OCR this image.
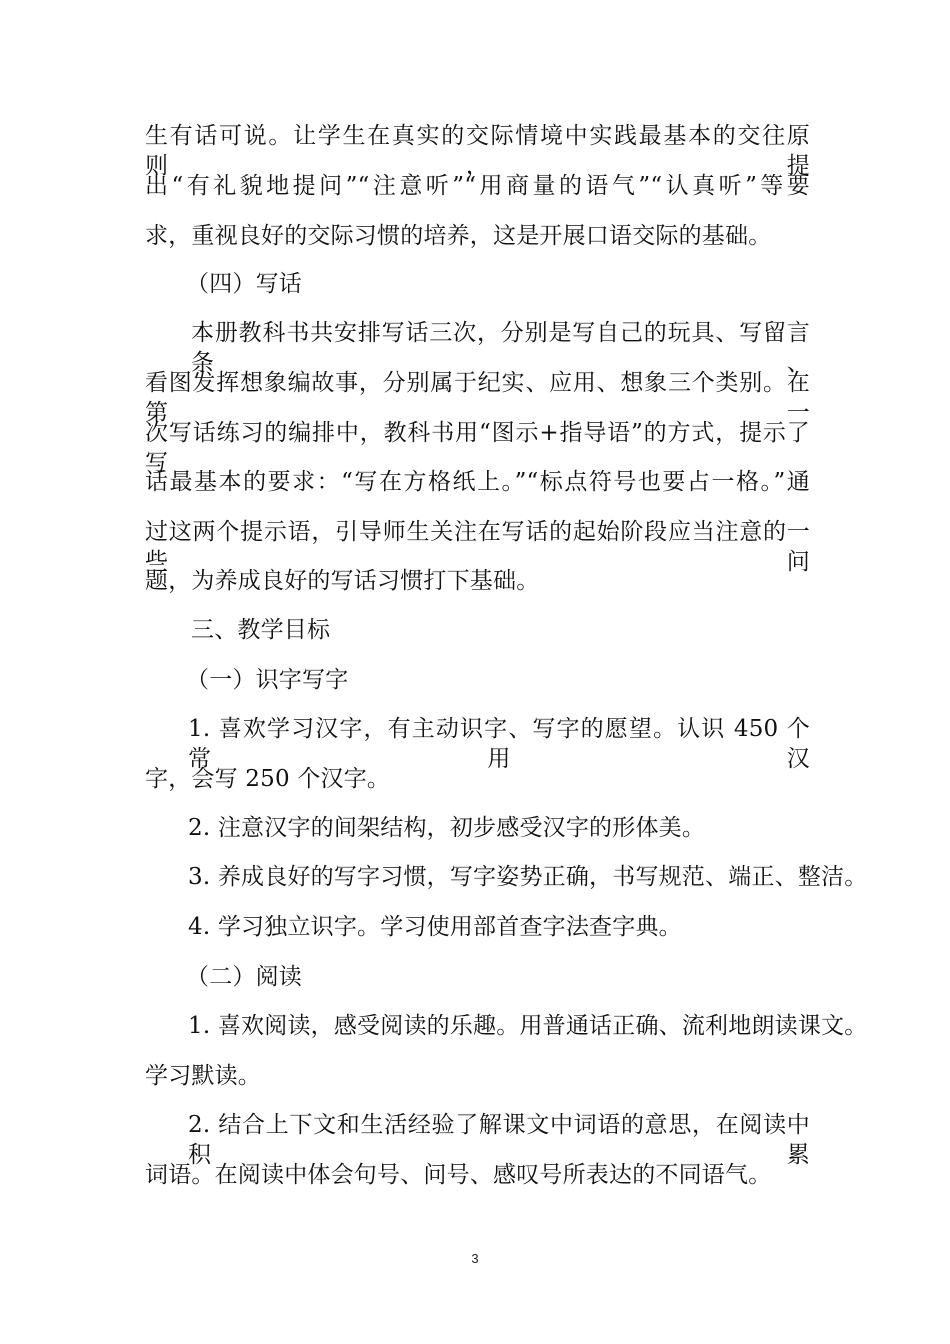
生有话可说。让学生在真实的交际情境中实践最基本的交往原则，提
出“有礼貌地提问”“注意听”“用商量的语气”“认真听”等要
求，重视良好的交际习惯的培养，这是开展口语交际的基础。
（四）写话
本册教科书共安排写话三次，分别是写自己的玩具、写留言条、
看图发挥想象编故事，分别属于纪实、应用、想象三个类别。在第一
次写话练习的编排中，教科书用“图示+指导语”的方式，提示了写
话最基本的要求：“写在方格纸上。”“标点符号也要占一格。”通
过这两个提示语，引导师生关注在写话的起始阶段应当注意的一些问
题，为养成良好的写话习惯打下基础。
三、教学目标
（一）识字写字
1. 喜欢学习汉字，有主动识字、写字的愿望。认识 450 个常用汉
字，会写 250 个汉字。
2. 注意汉字的间架结构，初步感受汉字的形体美。
3. 养成良好的写字习惯，写字姿势正确，书写规范、端正、整洁。
4. 学习独立识字。学习使用部首查字法查字典。
（二）阅读
1. 喜欢阅读，感受阅读的乐趣。用普通话正确、流利地朗读课文。
学习默读。
2. 结合上下文和生活经验了解课文中词语的意思，在阅读中积累
词语。在阅读中体会句号、问号、感叹号所表达的不同语气。
3
